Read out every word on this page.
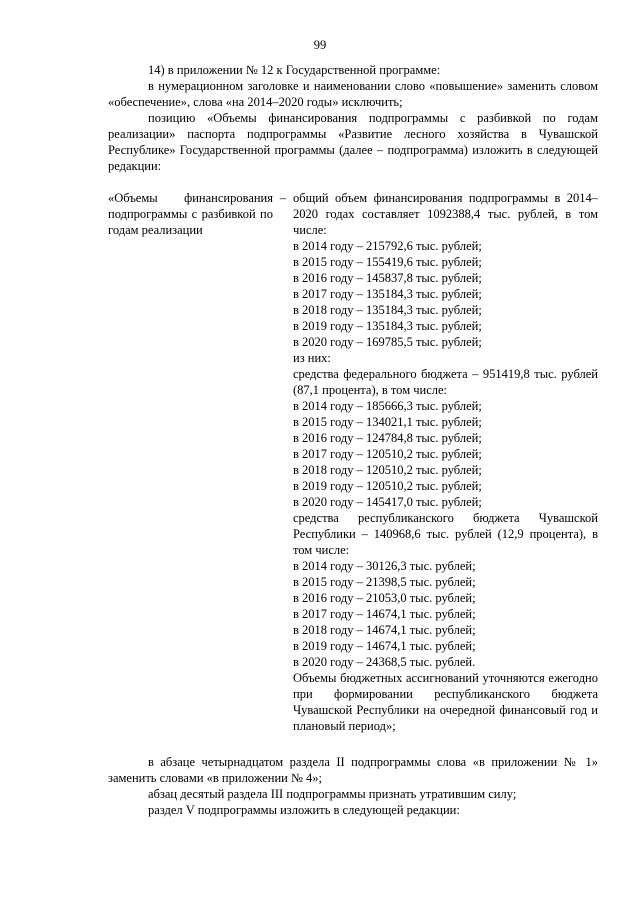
99

14) в приложении № 12 к Государственной программе:

в нумерационном заголовке и наименовании слово «повышение» заменить словом «обеспечение», слова «на 2014–2020 годы» исключить;

позицию «Объемы финансирования подпрограммы с разбивкой по годам реализации» паспорта подпрограммы «Развитие лесного хозяйства в Чувашской Республике» Государственной программы (далее – подпрограмма) изложить в следующей редакции:

«Объемы финансирования подпрограммы с разбивкой по годам реализации
– общий объем финансирования подпрограммы в 2014–2020 годах составляет 1092388,4 тыс. рублей, в том числе:
в 2014 году – 215792,6 тыс. рублей;
в 2015 году – 155419,6 тыс. рублей;
в 2016 году – 145837,8 тыс. рублей;
в 2017 году – 135184,3 тыс. рублей;
в 2018 году – 135184,3 тыс. рублей;
в 2019 году – 135184,3 тыс. рублей;
в 2020 году – 169785,5 тыс. рублей;
из них:
средства федерального бюджета – 951419,8 тыс. рублей (87,1 процента), в том числе:
в 2014 году – 185666,3 тыс. рублей;
в 2015 году – 134021,1 тыс. рублей;
в 2016 году – 124784,8 тыс. рублей;
в 2017 году – 120510,2 тыс. рублей;
в 2018 году – 120510,2 тыс. рублей;
в 2019 году – 120510,2 тыс. рублей;
в 2020 году – 145417,0 тыс. рублей;
средства республиканского бюджета Чувашской Республики – 140968,6 тыс. рублей (12,9 процента), в том числе:
в 2014 году – 30126,3 тыс. рублей;
в 2015 году – 21398,5 тыс. рублей;
в 2016 году – 21053,0 тыс. рублей;
в 2017 году – 14674,1 тыс. рублей;
в 2018 году – 14674,1 тыс. рублей;
в 2019 году – 14674,1 тыс. рублей;
в 2020 году – 24368,5 тыс. рублей.
Объемы бюджетных ассигнований уточняются ежегодно при формировании республиканского бюджета Чувашской Республики на очередной финансовый год и плановый период»;

в абзаце четырнадцатом раздела II подпрограммы слова «в приложении № 1» заменить словами «в приложении № 4»;

абзац десятый раздела III подпрограммы признать утратившим силу;

раздел V подпрограммы изложить в следующей редакции:
